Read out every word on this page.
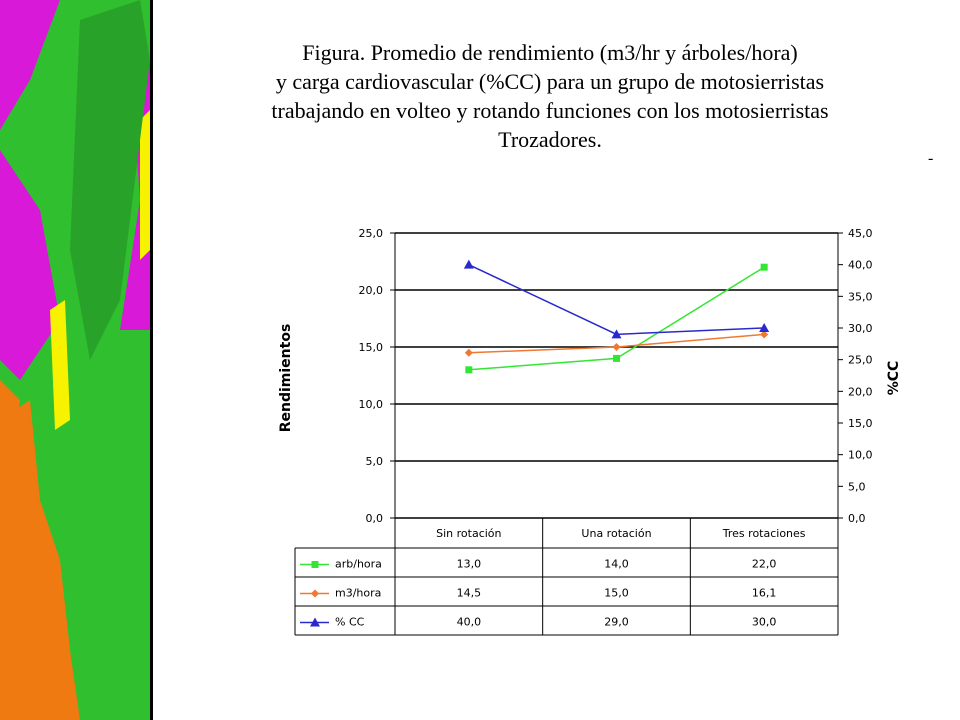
Figura. Promedio de rendimiento (m3/hr y árboles/hora)
y carga cardiovascular (%CC) para un grupo de motosierristas
trabajando en volteo y rotando funciones con los motosierristas
Trozadores.
-
0,0
5,0
10,0
15,0
20,0
25,0
0,0
5,0
10,0
15,0
20,0
25,0
30,0
35,0
40,0
45,0
Rendimientos	%CC
Sin rotación	Una rotación	Tres rotaciones
arb/hora	13,0	14,0	22,0
m3/hora	14,5	15,0	16,1
% CC	40,0	29,0	30,0
